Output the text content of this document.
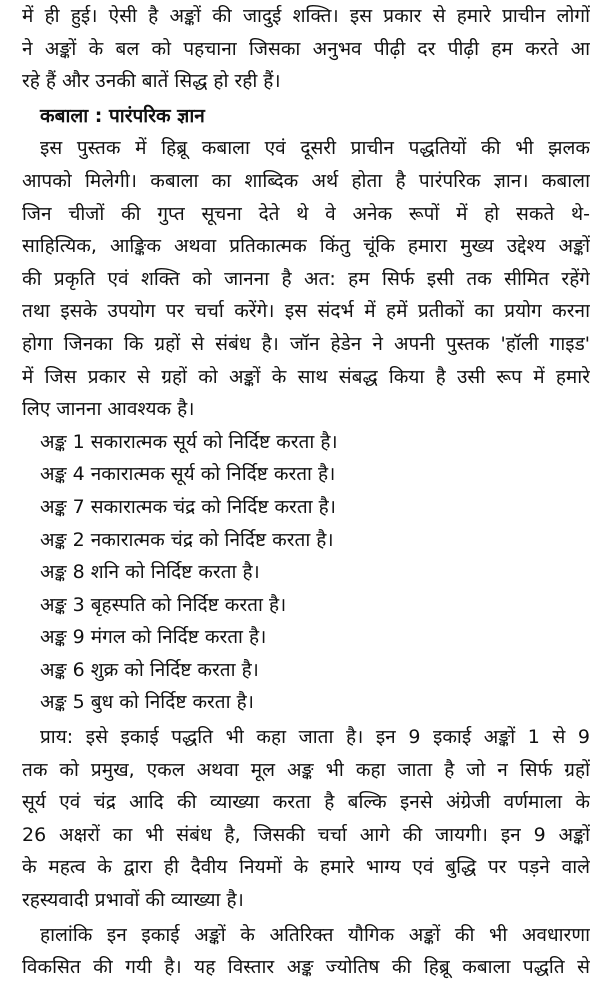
में ही हुई। ऐसी है अङ्कों की जादुई शक्ति। इस प्रकार से हमारे प्राचीन लोगों
ने अङ्कों के बल को पहचाना जिसका अनुभव पीढ़ी दर पीढ़ी हम करते आ
रहे हैं और उनकी बातें सिद्ध हो रही हैं।
कबाला : पारंपरिक ज्ञान
इस पुस्तक में हिब्रू कबाला एवं दूसरी प्राचीन पद्धतियों की भी झलक
आपको मिलेगी। कबाला का शाब्दिक अर्थ होता है पारंपरिक ज्ञान। कबाला
जिन चीजों की गुप्त सूचना देते थे वे अनेक रूपों में हो सकते थे-
साहित्यिक, आङ्किक अथवा प्रतिकात्मक किंतु चूंकि हमारा मुख्य उद्देश्य अङ्कों
की प्रकृति एवं शक्ति को जानना है अत: हम सिर्फ इसी तक सीमित रहेंगे
तथा इसके उपयोग पर चर्चा करेंगे। इस संदर्भ में हमें प्रतीकों का प्रयोग करना
होगा जिनका कि ग्रहों से संबंध है। जॉन हेडेन ने अपनी पुस्तक 'हॉली गाइड'
में जिस प्रकार से ग्रहों को अङ्कों के साथ संबद्ध किया है उसी रूप में हमारे
लिए जानना आवश्यक है।
अङ्क 1 सकारात्मक सूर्य को निर्दिष्ट करता है।
अङ्क 4 नकारात्मक सूर्य को निर्दिष्ट करता है।
अङ्क 7 सकारात्मक चंद्र को निर्दिष्ट करता है।
अङ्क 2 नकारात्मक चंद्र को निर्दिष्ट करता है।
अङ्क 8 शनि को निर्दिष्ट करता है।
अङ्क 3 बृहस्पति को निर्दिष्ट करता है।
अङ्क 9 मंगल को निर्दिष्ट करता है।
अङ्क 6 शुक्र को निर्दिष्ट करता है।
अङ्क 5 बुध को निर्दिष्ट करता है।
प्राय: इसे इकाई पद्धति भी कहा जाता है। इन 9 इकाई अङ्कों 1 से 9
तक को प्रमुख, एकल अथवा मूल अङ्क भी कहा जाता है जो न सिर्फ ग्रहों
सूर्य एवं चंद्र आदि की व्याख्या करता है बल्कि इनसे अंग्रेजी वर्णमाला के
26 अक्षरों का भी संबंध है, जिसकी चर्चा आगे की जायगी। इन 9 अङ्कों
के महत्व के द्वारा ही दैवीय नियमों के हमारे भाग्य एवं बुद्धि पर पड़ने वाले
रहस्यवादी प्रभावों की व्याख्या है।
हालांकि इन इकाई अङ्कों के अतिरिक्त यौगिक अङ्कों की भी अवधारणा
विकसित की गयी है। यह विस्तार अङ्क ज्योतिष की हिब्रू कबाला पद्धति से
